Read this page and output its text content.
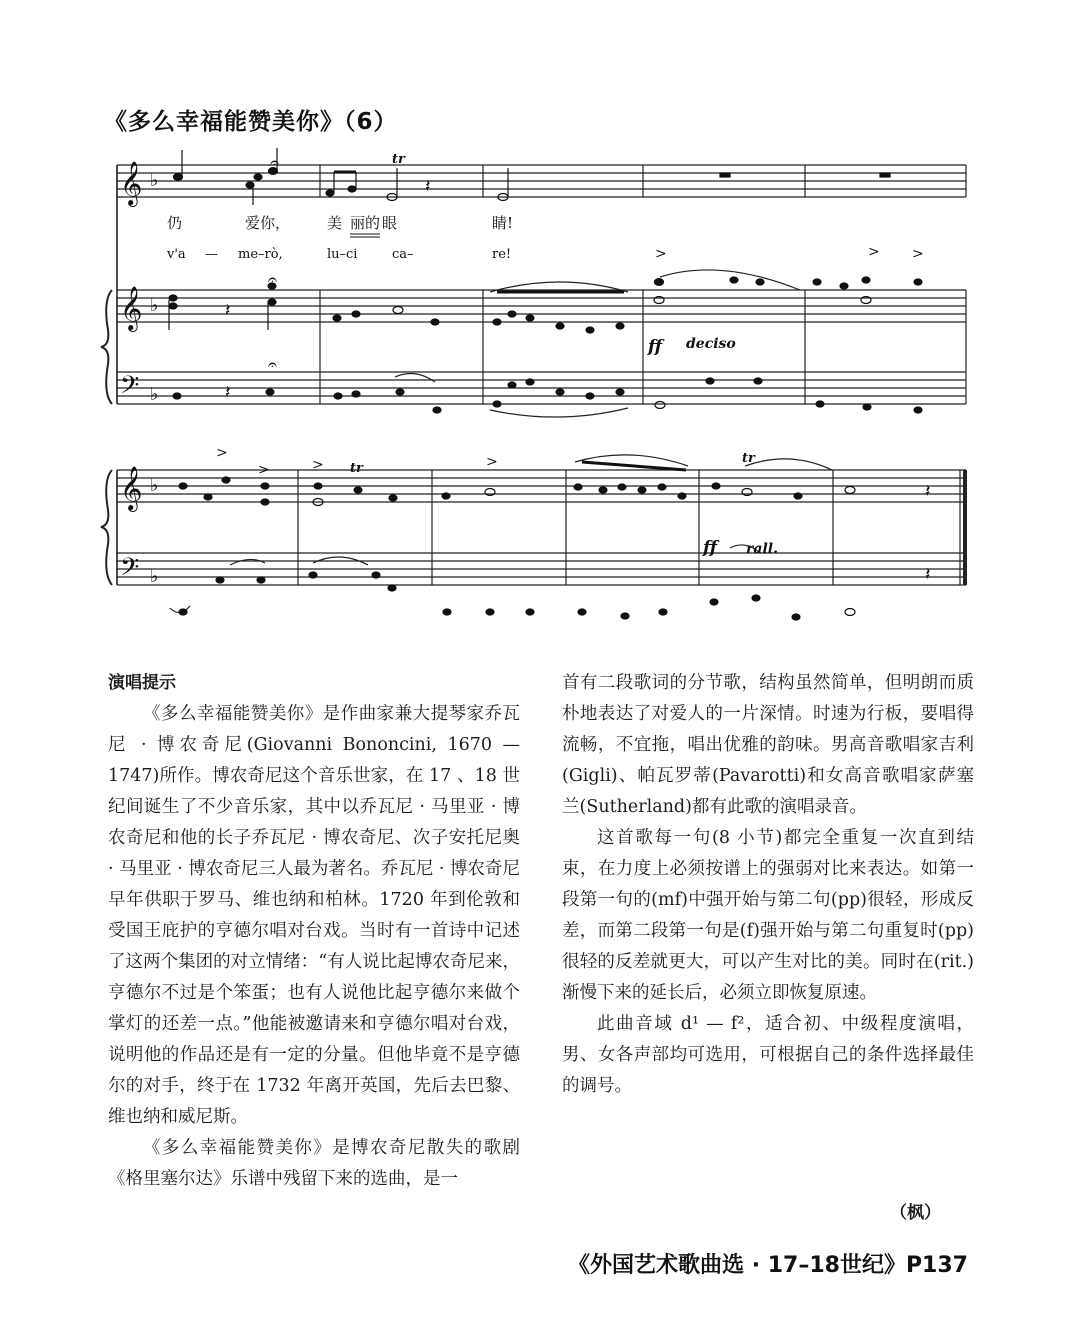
《多么幸福能赞美你》（6）
𝄞
𝄞
𝄢
𝄞
𝄢
♭
♭
♭
♭
♭
𝄽
𝄽
𝄽
𝄽
𝄽
tr
tr
tr
>	> >
>
>	>	>
𝄐
𝄐
𝄐
仍	爱你， 美 丽的 眼	睛!
v'a — me–rò,	lu–ci	ca–	re!
ff deciso
ff rall.

演唱提示

《多么幸福能赞美你》是作曲家兼大提琴家乔瓦尼 · 博农奇尼(Giovanni Bononcini, 1670 — 1747)所作。博农奇尼这个音乐世家，在 17 、18 世纪间诞生了不少音乐家，其中以乔瓦尼 · 马里亚 · 博农奇尼和他的长子乔瓦尼 · 博农奇尼、次子安托尼奥 · 马里亚 · 博农奇尼三人最为著名。乔瓦尼 · 博农奇尼早年供职于罗马、维也纳和柏林。1720 年到伦敦和受国王庇护的亨德尔唱对台戏。当时有一首诗中记述了这两个集团的对立情绪：“有人说比起博农奇尼来，亨德尔不过是个笨蛋；也有人说他比起亨德尔来做个掌灯的还差一点。”他能被邀请来和亨德尔唱对台戏，说明他的作品还是有一定的分量。但他毕竟不是亨德尔的对手，终于在 1732 年离开英国，先后去巴黎、维也纳和威尼斯。

《多么幸福能赞美你》是博农奇尼散失的歌剧《格里塞尔达》乐谱中残留下来的选曲，是一

首有二段歌词的分节歌，结构虽然简单，但明朗而质朴地表达了对爱人的一片深情。时速为行板，要唱得流畅，不宜拖，唱出优雅的韵味。男高音歌唱家吉利(Gigli)、帕瓦罗蒂(Pavarotti)和女高音歌唱家萨塞兰(Sutherland)都有此歌的演唱录音。

这首歌每一句(8 小节)都完全重复一次直到结束，在力度上必须按谱上的强弱对比来表达。如第一段第一句的(mf)中强开始与第二句(pp)很轻，形成反差，而第二段第一句是(f)强开始与第二句重复时(pp)很轻的反差就更大，可以产生对比的美。同时在(rit.)渐慢下来的延长后，必须立即恢复原速。

此曲音域 d¹ — f²，适合初、中级程度演唱，男、女各声部均可选用，可根据自己的条件选择最佳的调号。

（枫）
《外国艺术歌曲选 · 17–18世纪》P137
